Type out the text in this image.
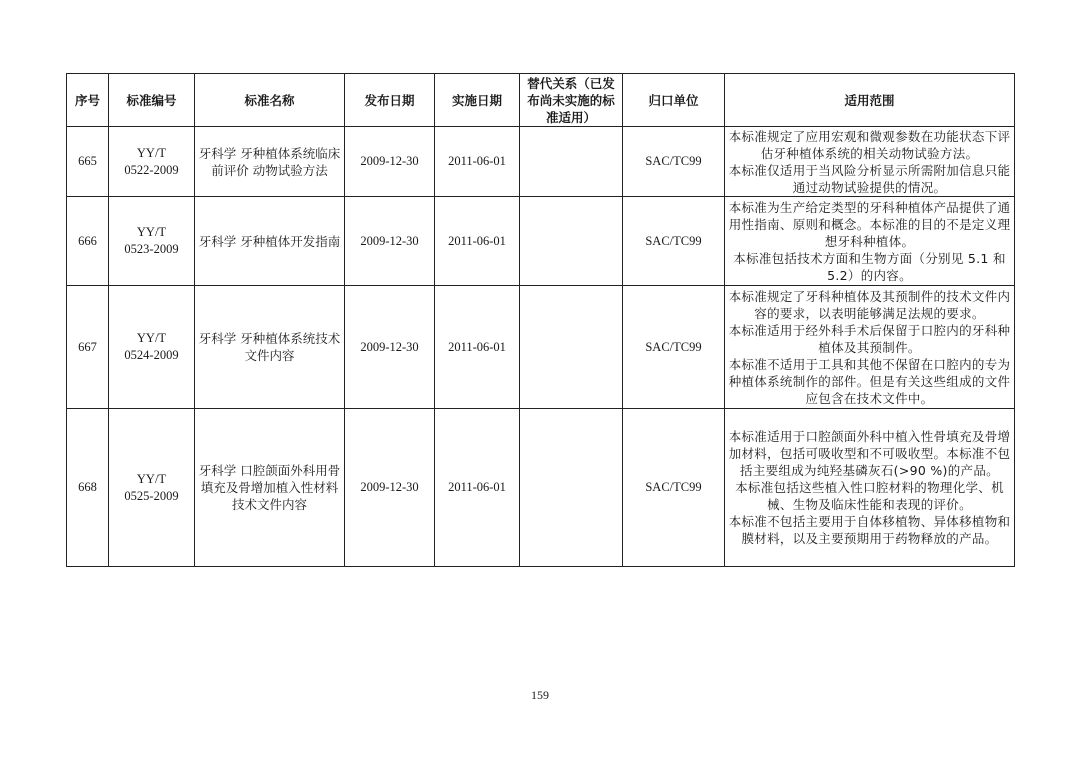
序号	标准编号	标准名称	发布日期	实施日期	替代关系（已发布尚未实施的标准适用）	归口单位	适用范围
665	YY/T 0522-2009	牙科学 牙种植体系统临床前评价 动物试验方法	2009-12-30	2011-06-01		SAC/TC99	本标准规定了应用宏观和微观参数在功能状态下评估牙种植体系统的相关动物试验方法。

本标准仅适用于当风险分析显示所需附加信息只能通过动物试验提供的情况。

666	YY/T 0523-2009	牙科学 牙种植体开发指南	2009-12-30	2011-06-01		SAC/TC99	本标准为生产给定类型的牙科种植体产品提供了通用性指南、原则和概念。本标准的目的不是定义理想牙科种植体。

本标准包括技术方面和生物方面（分别见 5.1 和 5.2）的内容。

667	YY/T 0524-2009	牙科学 牙种植体系统技术文件内容	2009-12-30	2011-06-01		SAC/TC99	本标准规定了牙科种植体及其预制件的技术文件内容的要求，以表明能够满足法规的要求。

本标准适用于经外科手术后保留于口腔内的牙科种植体及其预制件。

本标准不适用于工具和其他不保留在口腔内的专为种植体系统制作的部件。但是有关这些组成的文件应包含在技术文件中。

668	YY/T 0525-2009	牙科学 口腔颌面外科用骨填充及骨增加植入性材料 技术文件内容	2009-12-30	2011-06-01		SAC/TC99	本标准适用于口腔颌面外科中植入性骨填充及骨增加材料，包括可吸收型和不可吸收型。本标准不包括主要组成为纯羟基磷灰石(>90 %)的产品。

本标准包括这些植入性口腔材料的物理化学、机械、生物及临床性能和表现的评价。

本标准不包括主要用于自体移植物、异体移植物和膜材料，以及主要预期用于药物释放的产品。

159
